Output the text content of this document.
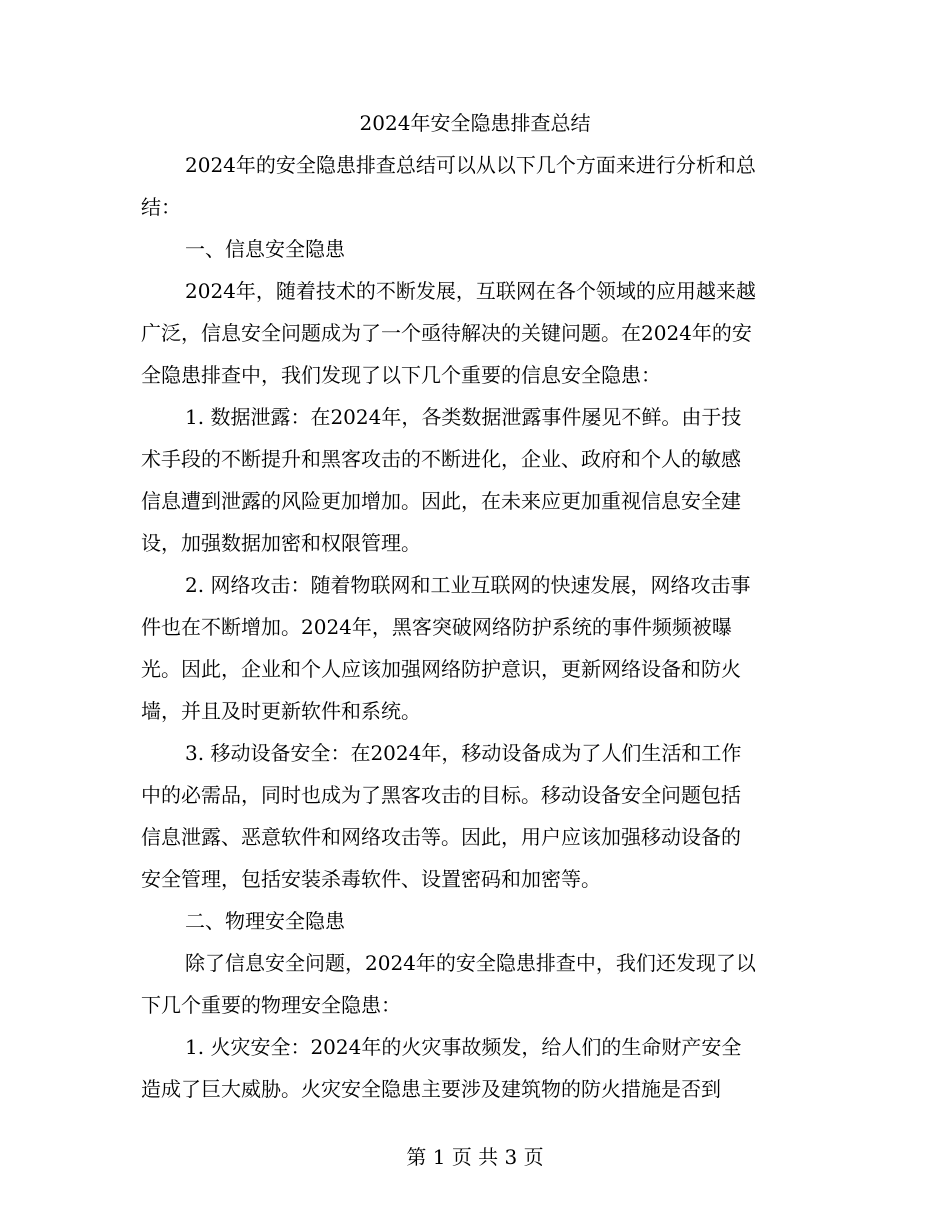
2024年安全隐患排查总结
2024年的安全隐患排查总结可以从以下几个方面来进行分析和总
结：
一、信息安全隐患
2024年，随着技术的不断发展，互联网在各个领域的应用越来越
广泛，信息安全问题成为了一个亟待解决的关键问题。在2024年的安
全隐患排查中，我们发现了以下几个重要的信息安全隐患：
1. 数据泄露：在2024年，各类数据泄露事件屡见不鲜。由于技
术手段的不断提升和黑客攻击的不断进化，企业、政府和个人的敏感
信息遭到泄露的风险更加增加。因此，在未来应更加重视信息安全建
设，加强数据加密和权限管理。
2. 网络攻击：随着物联网和工业互联网的快速发展，网络攻击事
件也在不断增加。2024年，黑客突破网络防护系统的事件频频被曝
光。因此，企业和个人应该加强网络防护意识，更新网络设备和防火
墙，并且及时更新软件和系统。
3. 移动设备安全：在2024年，移动设备成为了人们生活和工作
中的必需品，同时也成为了黑客攻击的目标。移动设备安全问题包括
信息泄露、恶意软件和网络攻击等。因此，用户应该加强移动设备的
安全管理，包括安装杀毒软件、设置密码和加密等。
二、物理安全隐患
除了信息安全问题，2024年的安全隐患排查中，我们还发现了以
下几个重要的物理安全隐患：
1. 火灾安全：2024年的火灾事故频发，给人们的生命财产安全
造成了巨大威胁。火灾安全隐患主要涉及建筑物的防火措施是否到
第 1 页 共 3 页
